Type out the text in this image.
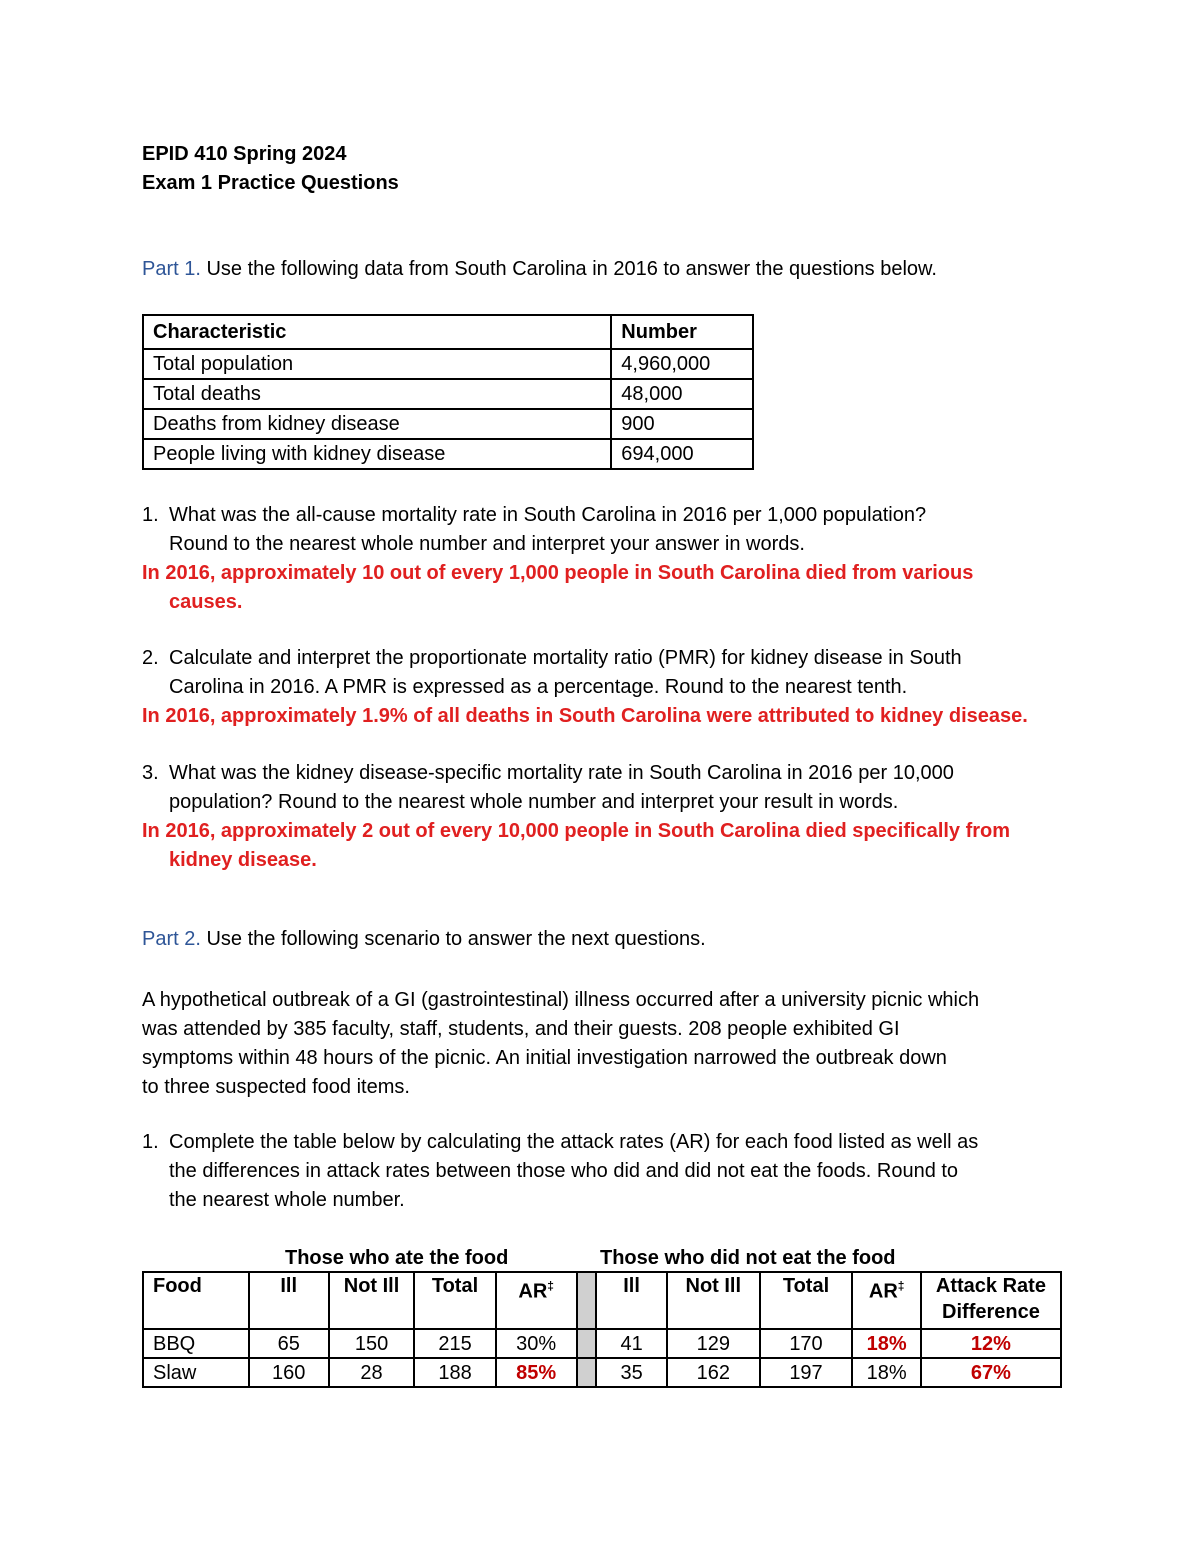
EPID 410 Spring 2024

Exam 1 Practice Questions

Part 1. Use the following data from South Carolina in 2016 to answer the questions below.

Characteristic	Number
Total population	4,960,000
Total deaths	48,000
Deaths from kidney disease	900
People living with kidney disease	694,000
1. What was the all-cause mortality rate in South Carolina in 2016 per 1,000 population?
Round to the nearest whole number and interpret your answer in words.

In 2016, approximately 10 out of every 1,000 people in South Carolina died from various
causes.

2. Calculate and interpret the proportionate mortality ratio (PMR) for kidney disease in South
Carolina in 2016. A PMR is expressed as a percentage. Round to the nearest tenth.

In 2016, approximately 1.9% of all deaths in South Carolina were attributed to kidney disease.

3. What was the kidney disease-specific mortality rate in South Carolina in 2016 per 10,000
population? Round to the nearest whole number and interpret your result in words.

In 2016, approximately 2 out of every 10,000 people in South Carolina died specifically from
kidney disease.

Part 2. Use the following scenario to answer the next questions.

A hypothetical outbreak of a GI (gastrointestinal) illness occurred after a university picnic which
was attended by 385 faculty, staff, students, and their guests. 208 people exhibited GI
symptoms within 48 hours of the picnic. An initial investigation narrowed the outbreak down
to three suspected food items.
1. Complete the table below by calculating the attack rates (AR) for each food listed as well as
the differences in attack rates between those who did and did not eat the foods. Round to
the nearest whole number.
Those who ate the food	Those who did not eat the food
Food	Ill	Not Ill	Total	AR‡		Ill	Not Ill	Total	AR‡	Attack Rate
Difference
BBQ	65	150	215	30%		41	129	170	18%	12%
Slaw	160	28	188	85%		35	162	197	18%	67%
